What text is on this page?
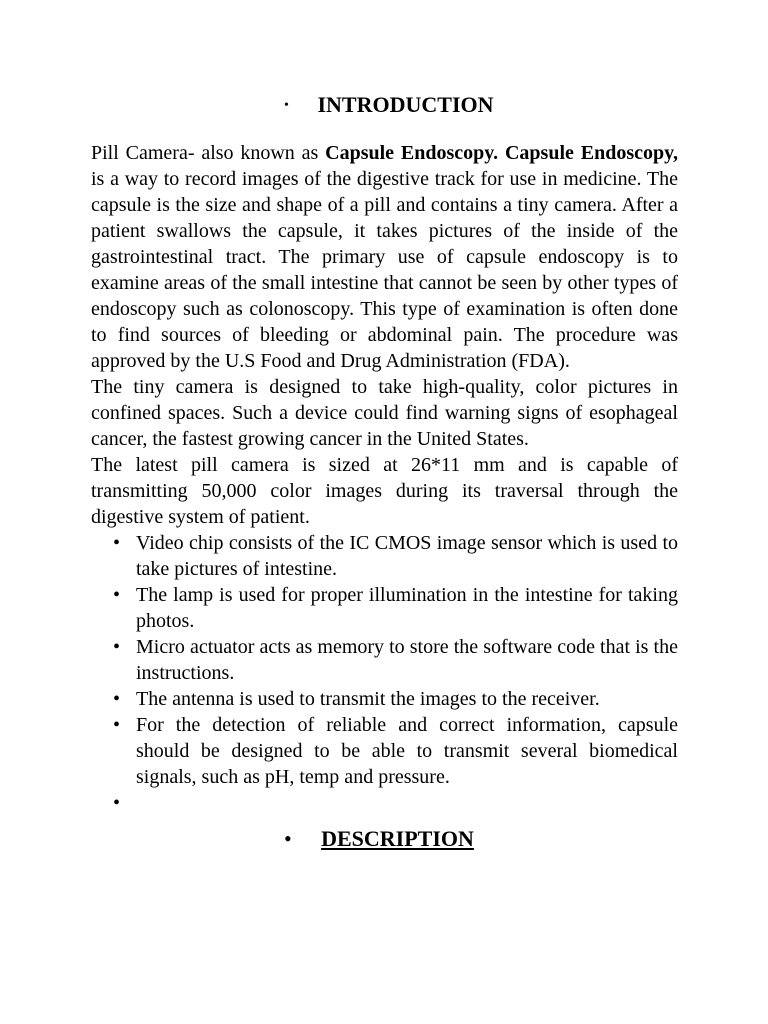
• INTRODUCTION

Pill Camera- also known as Capsule Endoscopy. Capsule Endoscopy, is a way to record images of the digestive track for use in medicine. The capsule is the size and shape of a pill and contains a tiny camera. After a patient swallows the capsule, it takes pictures of the inside of the gastrointestinal tract. The primary use of capsule endoscopy is to examine areas of the small intestine that cannot be seen by other types of endoscopy such as colonoscopy. This type of examination is often done to find sources of bleeding or abdominal pain. The procedure was approved by the U.S Food and Drug Administration (FDA).

The tiny camera is designed to take high-quality, color pictures in confined spaces. Such a device could find warning signs of esophageal cancer, the fastest growing cancer in the United States.

The latest pill camera is sized at 26*11 mm and is capable of transmitting 50,000 color images during its traversal through the digestive system of patient.

• Video chip consists of the IC CMOS image sensor which is used to take pictures of intestine.
• The lamp is used for proper illumination in the intestine for taking photos.
• Micro actuator acts as memory to store the software code that is the instructions.
• The antenna is used to transmit the images to the receiver.
• For the detection of reliable and correct information, capsule should be designed to be able to transmit several biomedical signals, such as pH, temp and pressure.
•

• DESCRIPTION
